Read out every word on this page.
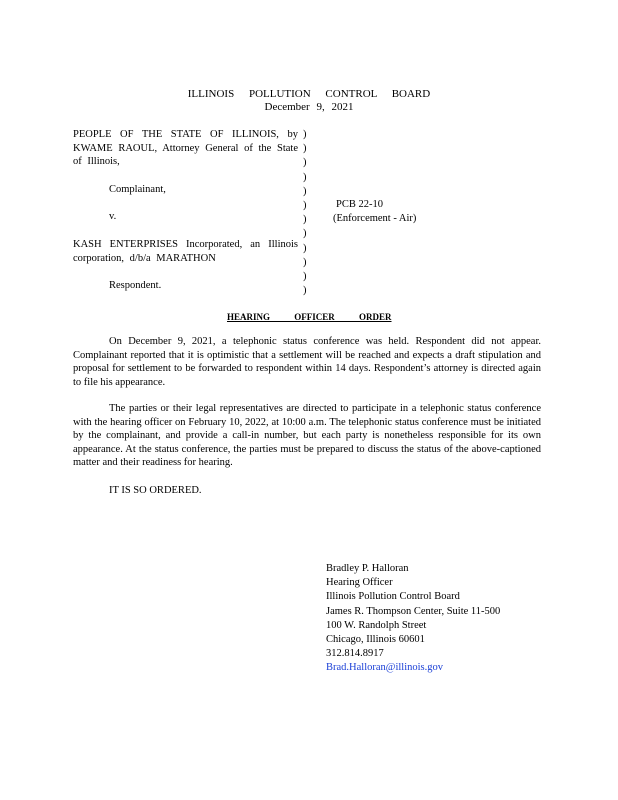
ILLINOIS POLLUTION CONTROL BOARD
December 9, 2021

PEOPLE OF THE STATE OF ILLINOIS, by KWAME RAOUL, Attorney General of the State of Illinois,

Complainant,

v.

KASH ENTERPRISES Incorporated, an Illinois corporation, d/b/a MARATHON

Respondent.

)
)
)
)
)
)
)
)
)
)
)
)
PCB 22-10
(Enforcement - Air)
HEARING OFFICER ORDER
On December 9, 2021, a telephonic status conference was held. Respondent did not appear. Complainant reported that it is optimistic that a settlement will be reached and expects a draft stipulation and proposal for settlement to be forwarded to respondent within 14 days. Respondent’s attorney is directed again to file his appearance.
The parties or their legal representatives are directed to participate in a telephonic status conference with the hearing officer on February 10, 2022, at 10:00 a.m. The telephonic status conference must be initiated by the complainant, and provide a call-in number, but each party is nonetheless responsible for its own appearance. At the status conference, the parties must be prepared to discuss the status of the above-captioned matter and their readiness for hearing.
IT IS SO ORDERED.
Bradley P. Halloran
Hearing Officer
Illinois Pollution Control Board
James R. Thompson Center, Suite 11-500
100 W. Randolph Street
Chicago, Illinois 60601
312.814.8917
Brad.Halloran@illinois.gov
